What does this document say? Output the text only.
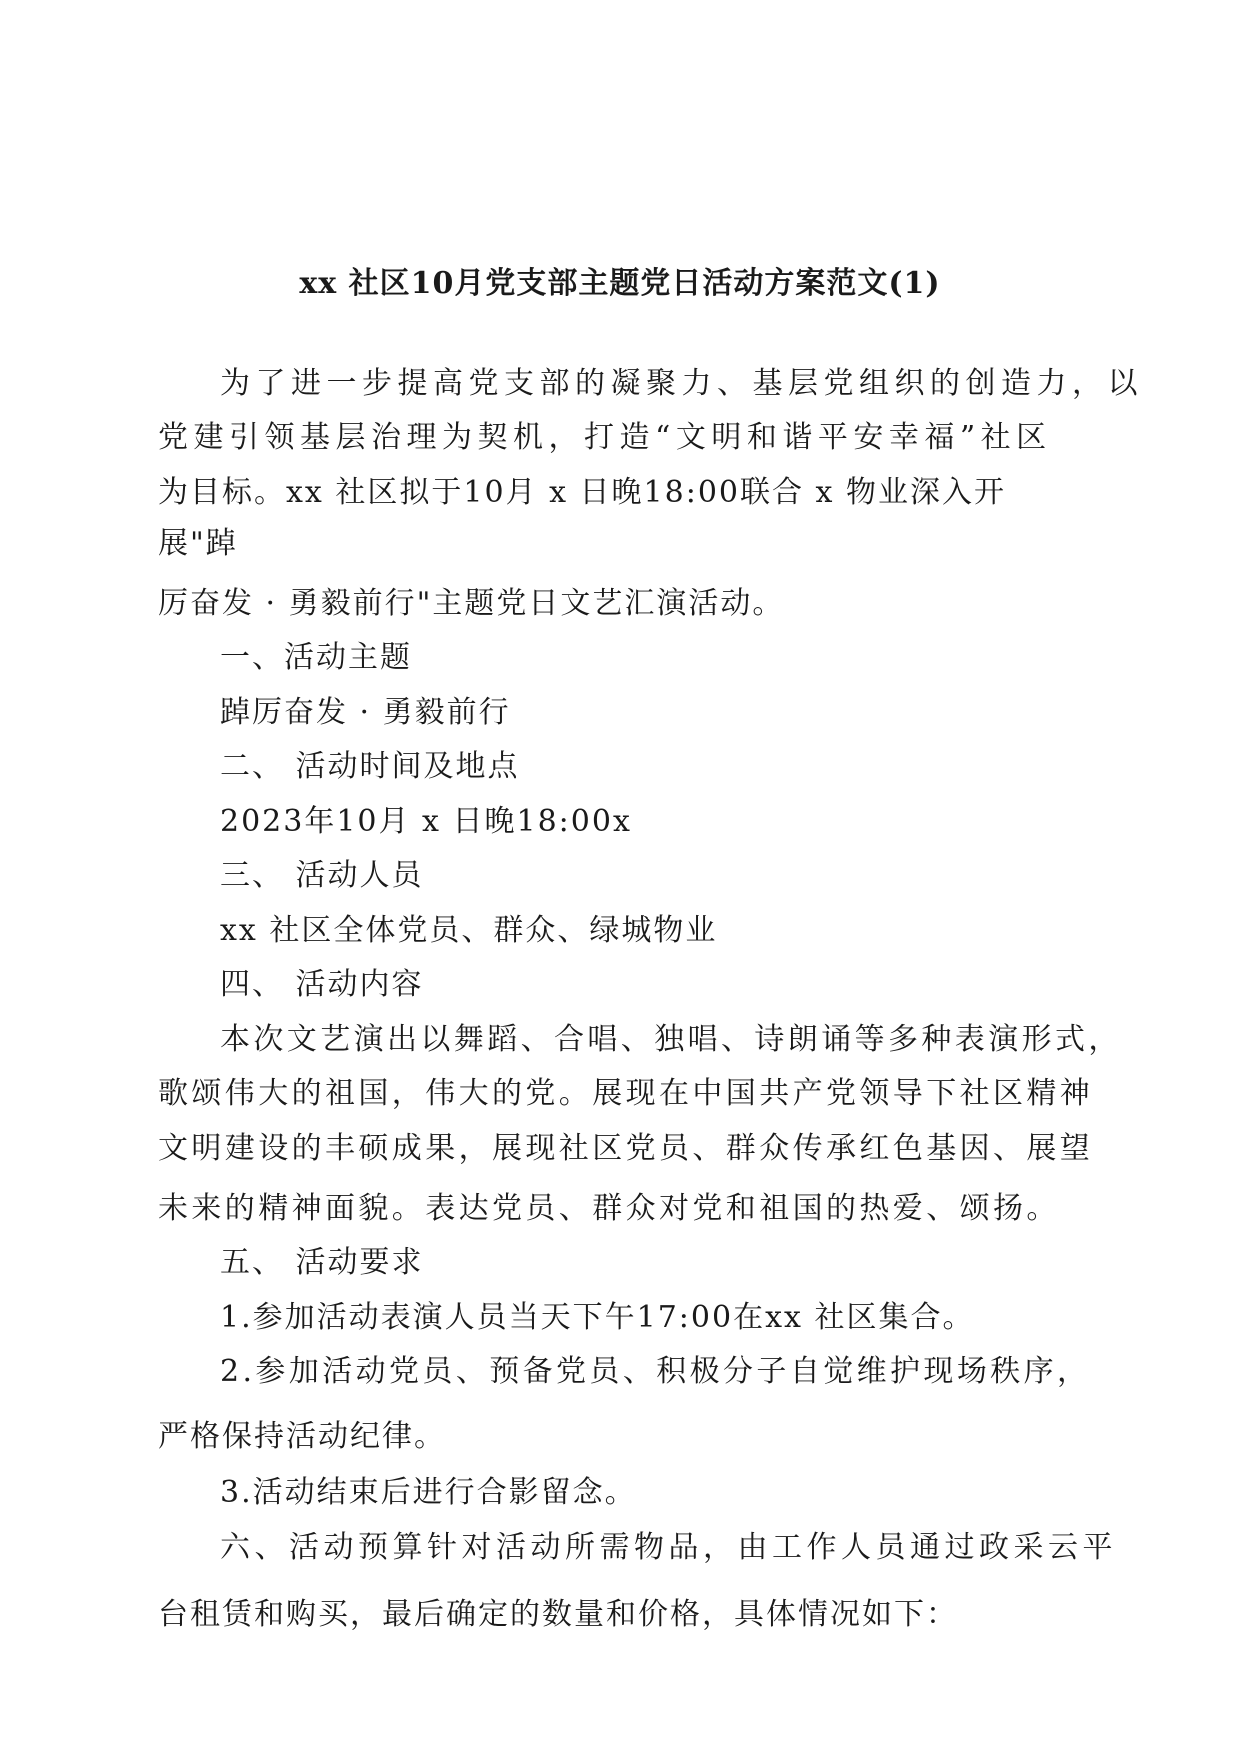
xx 社区10月党支部主题党日活动方案范文(1)
为了进一步提高党支部的凝聚力、基层党组织的创造力，以
党建引领基层治理为契机，打造“文明和谐平安幸福”社区
为目标。xx 社区拟于10月 x 日晚18:00联合 x 物业深入开
展"踔
厉奋发 · 勇毅前行"主题党日文艺汇演活动。
一、活动主题
踔厉奋发 · 勇毅前行
二、 活动时间及地点
2023年10月 x 日晚18:00x
三、 活动人员
xx 社区全体党员、群众、绿城物业
四、 活动内容
本次文艺演出以舞蹈、合唱、独唱、诗朗诵等多种表演形式，
歌颂伟大的祖国，伟大的党。展现在中国共产党领导下社区精神
文明建设的丰硕成果，展现社区党员、群众传承红色基因、展望
未来的精神面貌。表达党员、群众对党和祖国的热爱、颂扬。
五、 活动要求
1.参加活动表演人员当天下午17:00在xx 社区集合。
2.参加活动党员、预备党员、积极分子自觉维护现场秩序，
严格保持活动纪律。
3.活动结束后进行合影留念。
六、活动预算针对活动所需物品，由工作人员通过政采云平
台租赁和购买，最后确定的数量和价格，具体情况如下：
